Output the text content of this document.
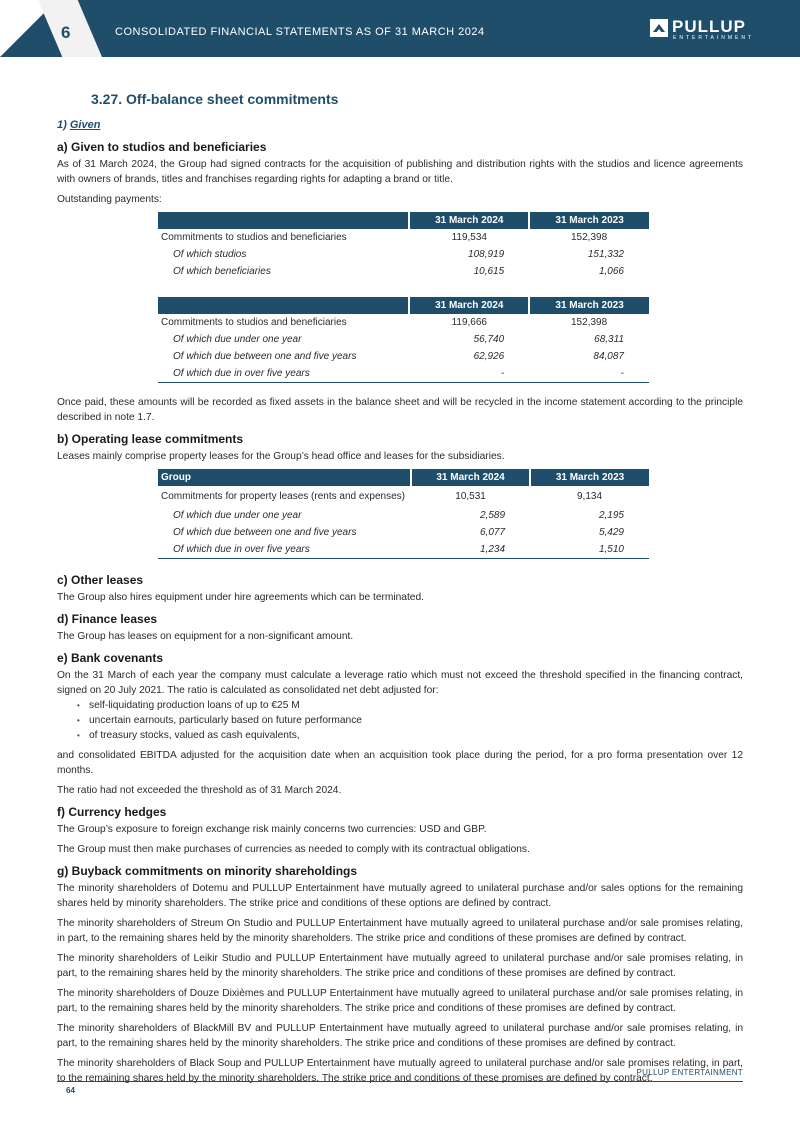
6	CONSOLIDATED FINANCIAL STATEMENTS AS OF 31 MARCH 2024	PULLUP
ENTERTAINMENT
3.27. Off-balance sheet commitments
1) Given
a) Given to studios and beneficiaries

As of 31 March 2024, the Group had signed contracts for the acquisition of publishing and distribution rights with the studios and licence agreements with owners of brands, titles and franchises regarding rights for adapting a brand or title.

Outstanding payments:

	31 March 2024	31 March 2023
Commitments to studios and beneficiaries	119,534	152,398
Of which studios	108,919	151,332
Of which beneficiaries	10,615	1,066

	31 March 2024	31 March 2023
Commitments to studios and beneficiaries	119,666	152,398
Of which due under one year	56,740	68,311
Of which due between one and five years	62,926	84,087
Of which due in over five years	-	-

Once paid, these amounts will be recorded as fixed assets in the balance sheet and will be recycled in the income statement according to the principle described in note 1.7.

b) Operating lease commitments

Leases mainly comprise property leases for the Group’s head office and leases for the subsidiaries.

Group	31 March 2024	31 March 2023
Commitments for property leases (rents and expenses)	10,531	9,134
Of which due under one year	2,589	2,195
Of which due between one and five years	6,077	5,429
Of which due in over five years	1,234	1,510
c) Other leases

The Group also hires equipment under hire agreements which can be terminated.

d) Finance leases

The Group has leases on equipment for a non-significant amount.

e) Bank covenants

On the 31 March of each year the company must calculate a leverage ratio which must not exceed the threshold specified in the financing contract, signed on 20 July 2021. The ratio is calculated as consolidated net debt adjusted for:

• self-liquidating production loans of up to €25 M
• uncertain earnouts, particularly based on future performance
• of treasury stocks, valued as cash equivalents,

and consolidated EBITDA adjusted for the acquisition date when an acquisition took place during the period, for a pro forma presentation over 12 months.

The ratio had not exceeded the threshold as of 31 March 2024.

f) Currency hedges

The Group’s exposure to foreign exchange risk mainly concerns two currencies: USD and GBP.

The Group must then make purchases of currencies as needed to comply with its contractual obligations.

g) Buyback commitments on minority shareholdings

The minority shareholders of Dotemu and PULLUP Entertainment have mutually agreed to unilateral purchase and/or sales options for the remaining shares held by minority shareholders. The strike price and conditions of these options are defined by contract.

The minority shareholders of Streum On Studio and PULLUP Entertainment have mutually agreed to unilateral purchase and/or sale promises relating, in part, to the remaining shares held by the minority shareholders. The strike price and conditions of these promises are defined by contract.

The minority shareholders of Leikir Studio and PULLUP Entertainment have mutually agreed to unilateral purchase and/or sale promises relating, in part, to the remaining shares held by the minority shareholders. The strike price and conditions of these promises are defined by contract.

The minority shareholders of Douze Dixièmes and PULLUP Entertainment have mutually agreed to unilateral purchase and/or sale promises relating, in part, to the remaining shares held by the minority shareholders. The strike price and conditions of these promises are defined by contract.

The minority shareholders of BlackMill BV and PULLUP Entertainment have mutually agreed to unilateral purchase and/or sale promises relating, in part, to the remaining shares held by the minority shareholders. The strike price and conditions of these promises are defined by contract.

The minority shareholders of Black Soup and PULLUP Entertainment have mutually agreed to unilateral purchase and/or sale promises relating, in part, to the remaining shares held by the minority shareholders. The strike price and conditions of these promises are defined by contract.

PULLUP ENTERTAINMENT
64
